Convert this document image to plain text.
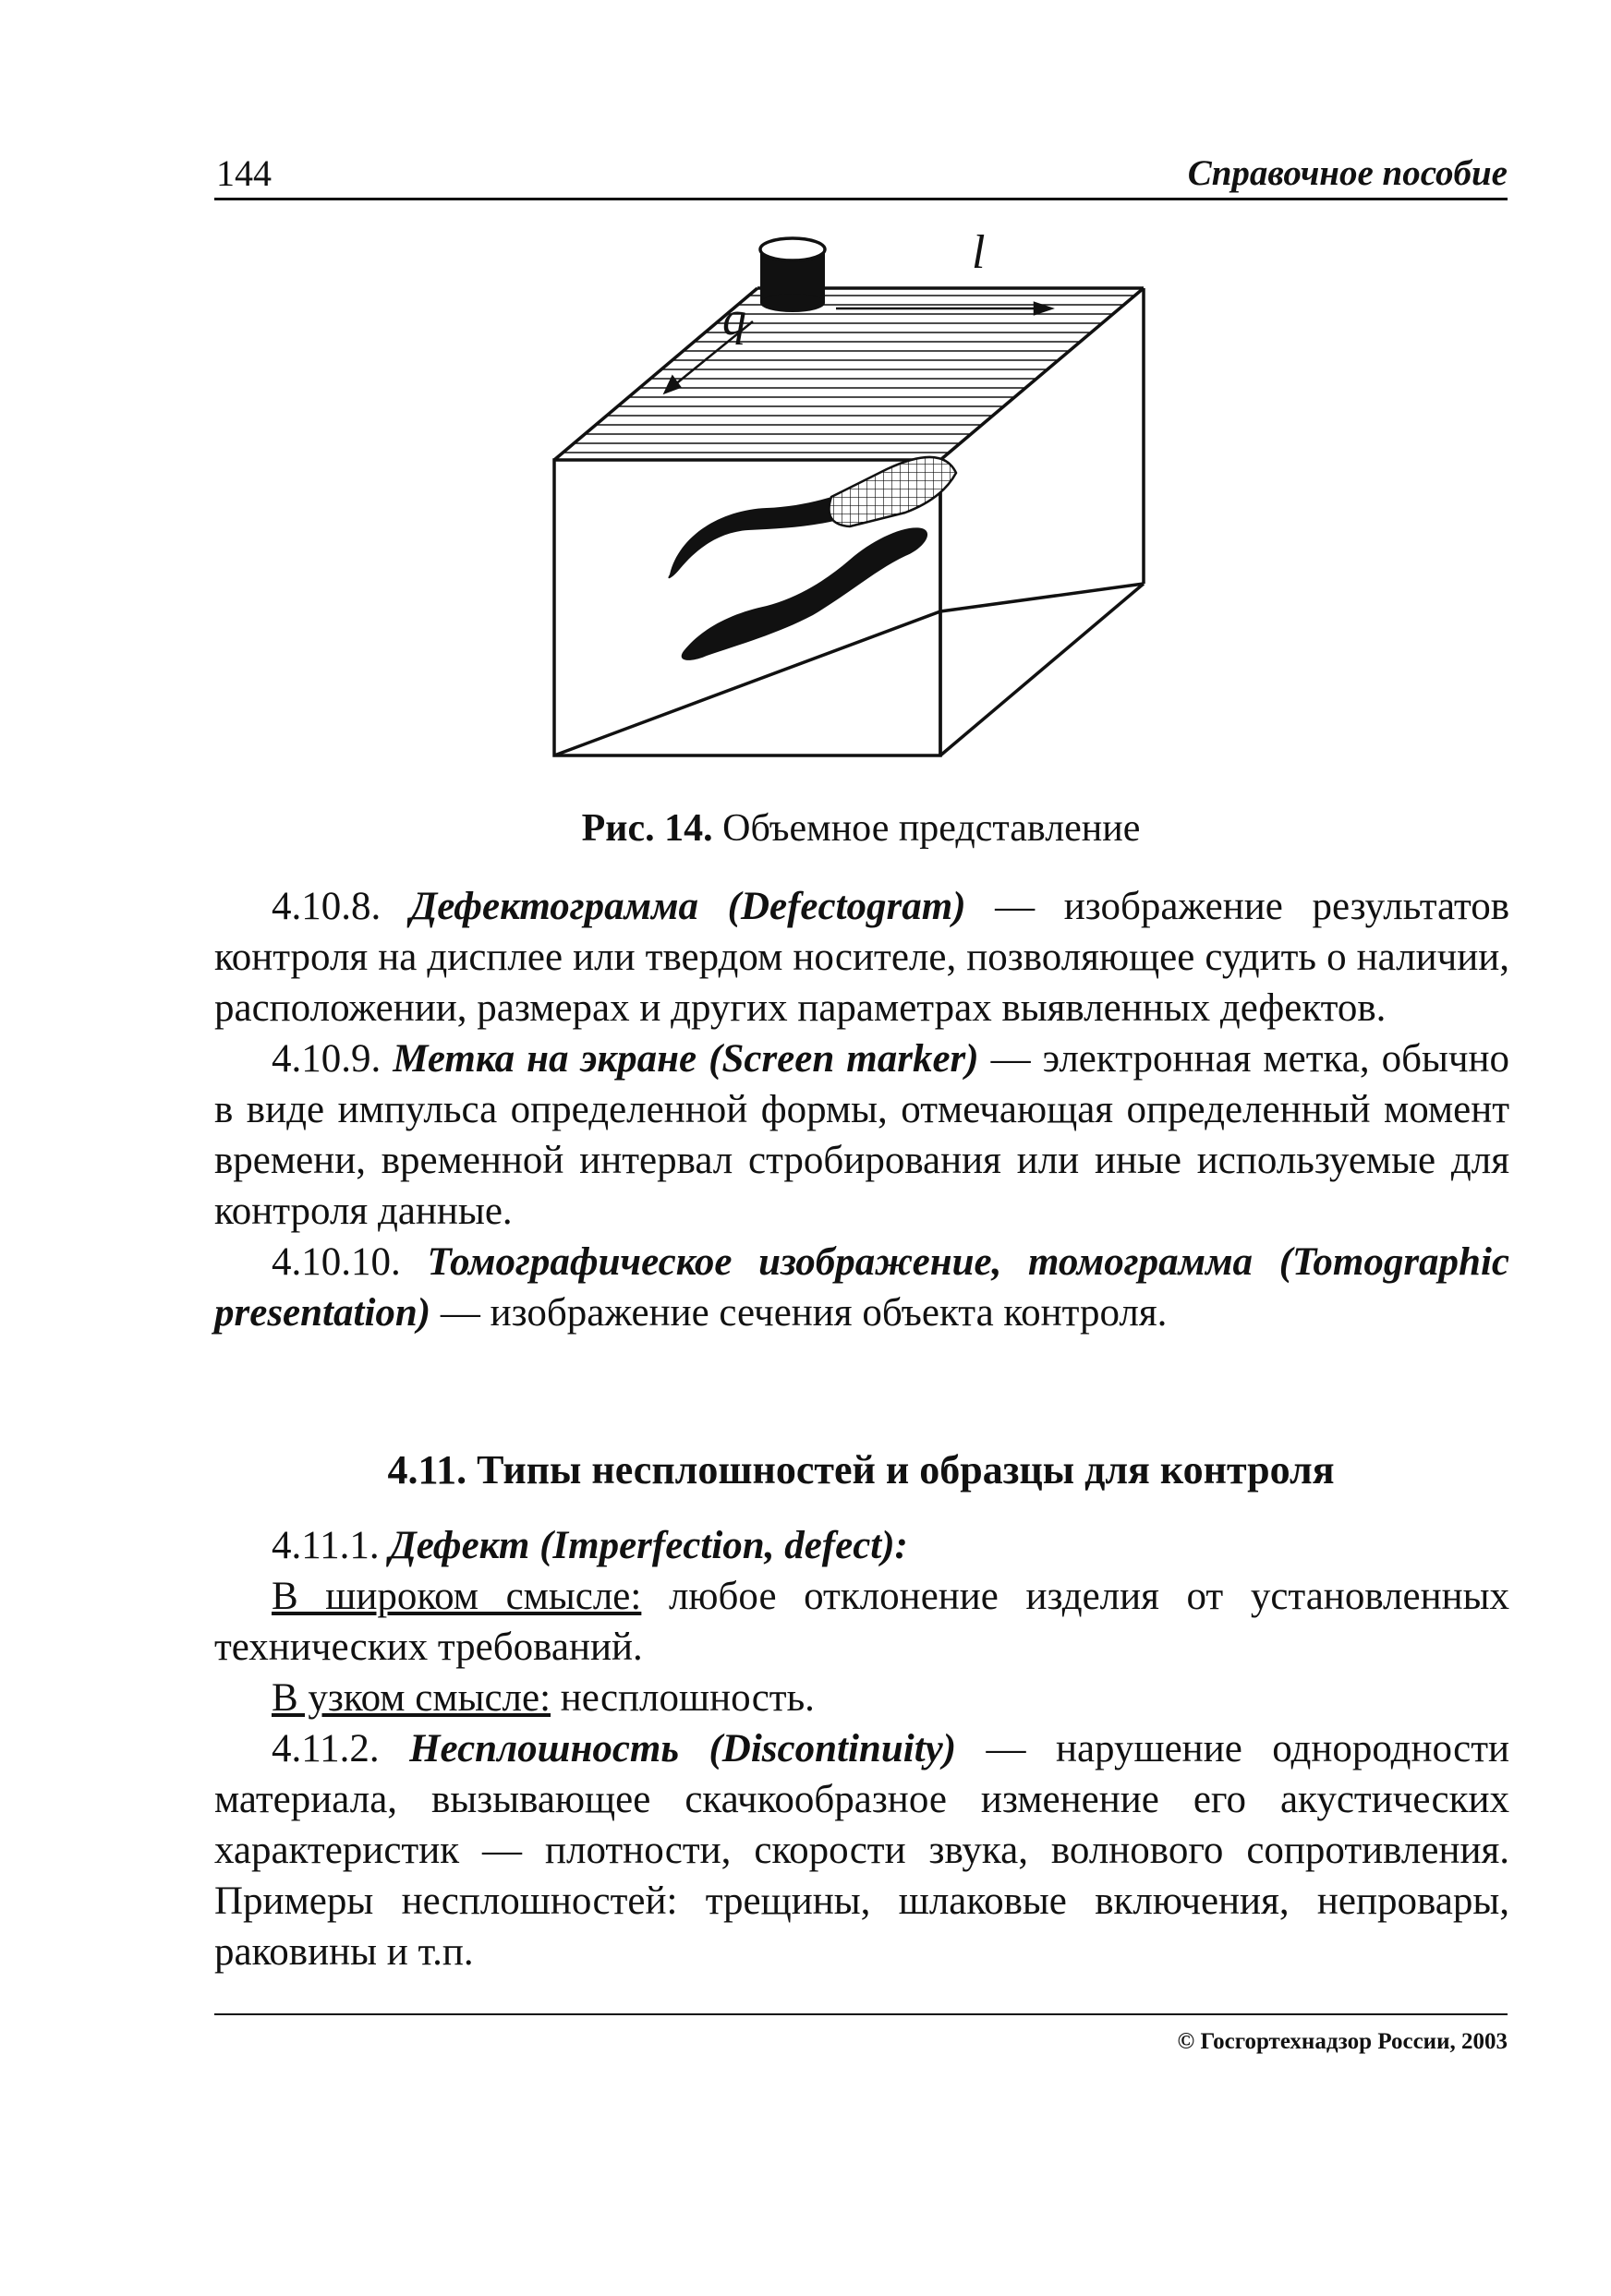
144	Справочное пособие
q
l
Рис. 14. Объемное представление

4.10.8. Дефектограмма (Defectogram) — изображение результатов контроля на дисплее или твердом носителе, позволяющее судить о наличии, расположении, размерах и других параметрах выявленных дефектов.

4.10.9. Метка на экране (Screen marker) — электронная метка, обычно в виде импульса определенной формы, отмечающая определенный момент времени, временной интервал стробирования или иные используемые для контроля данные.

4.10.10. Томографическое изображение, томограмма (Tomographic presentation) — изображение сечения объекта контроля.

4.11. Типы несплошностей и образцы для контроля

4.11.1. Дефект (Imperfection, defect):

В широком смысле: любое отклонение изделия от установленных технических требований.

В узком смысле: несплошность.

4.11.2. Несплошность (Discontinuity) — нарушение однородности материала, вызывающее скачкообразное изменение его акустических характеристик — плотности, скорости звука, волнового сопротивления. Примеры несплошностей: трещины, шлаковые включения, непровары, раковины и т.п.

© Госгортехнадзор России, 2003
